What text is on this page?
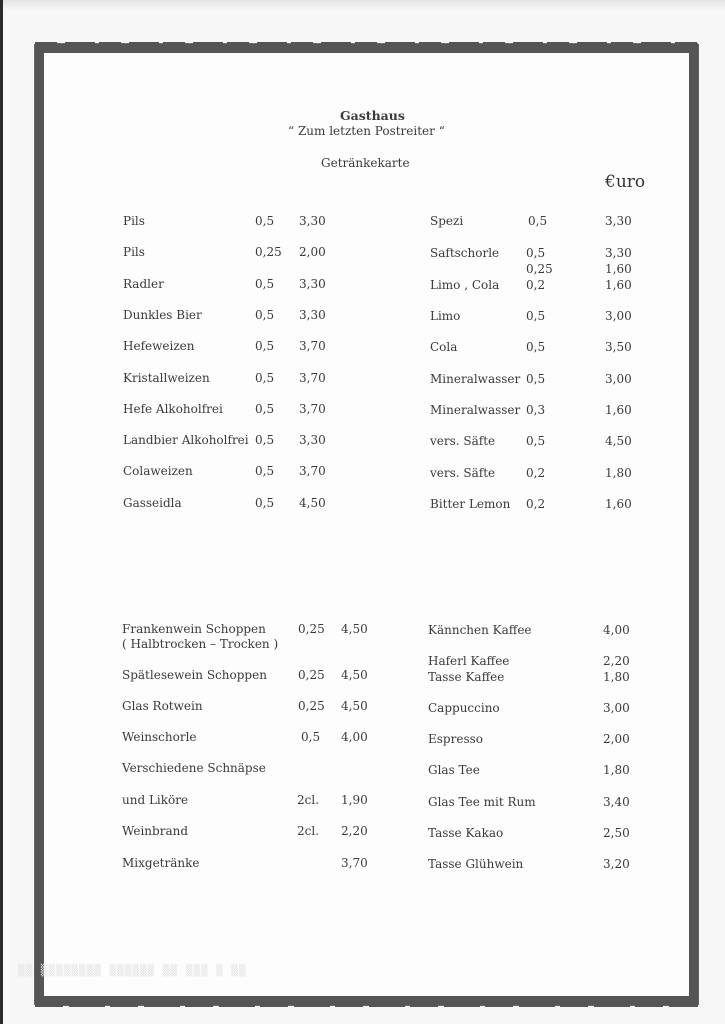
▒▒ ▒▒▒▒▒▒▒▒ ▒▒▒▒▒▒ ▒▒ ▒▒▒ ▒ ▒▒
Gasthaus
“ Zum letzten Postreiter “
Getränkekarte
€uro
Pils	0,5 3,30
Pils	0,25 2,00
Radler	0,5 3,30
Dunkles Bier	0,5 3,30
Hefeweizen	0,5 3,70
Kristallweizen	0,5 3,70
Hefe Alkoholfrei	0,5 3,70
Landbier Alkoholfrei 0,5 3,30
Colaweizen	0,5 3,70
Gasseidla	0,5 4,50
Spezi	0,5	3,30
Saftschorle 0,5	3,30
0,25	1,60
Limo , Cola 0,2	1,60
Limo	0,5	3,00
Cola	0,5	3,50
Mineralwasser 0,5	3,00
Mineralwasser 0,3	1,60
vers. Säfte	0,5	4,50
vers. Säfte	0,2	1,80
Bitter Lemon 0,2	1,60
Frankenwein Schoppen	0,25 4,50
( Halbtrocken – Trocken )
Spätlesewein Schoppen	0,25 4,50
Glas Rotwein	0,25 4,50
Weinschorle	0,5 4,00
Verschiedene Schnäpse
und Liköre	2cl. 1,90
Weinbrand	2cl. 2,20
Mixgetränke	3,70
Kännchen Kaffee	4,00
Haferl Kaffee	2,20
Tasse Kaffee	1,80
Cappuccino	3,00
Espresso	2,00
Glas Tee	1,80
Glas Tee mit Rum	3,40
Tasse Kakao	2,50
Tasse Glühwein	3,20
